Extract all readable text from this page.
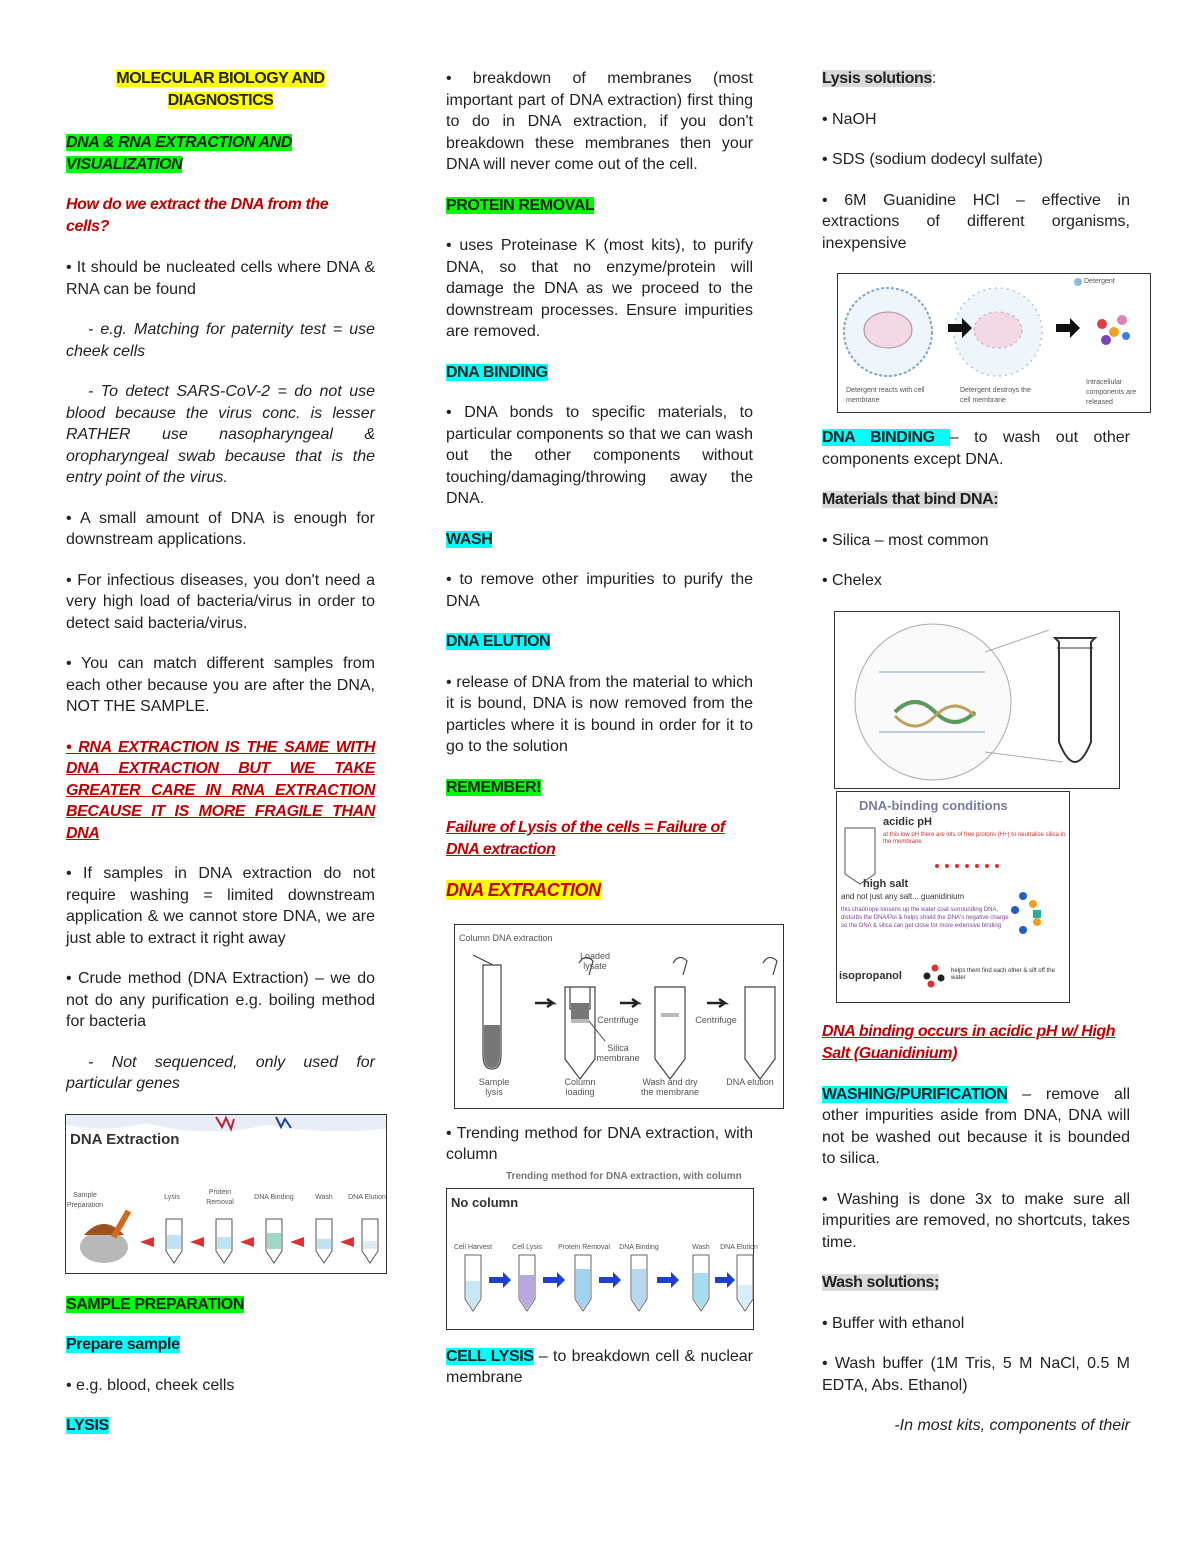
MOLECULAR BIOLOGY AND DIAGNOSTICS

DNA & RNA EXTRACTION AND VISUALIZATION

How do we extract the DNA from the cells?

• It should be nucleated cells where DNA & RNA can be found

- e.g. Matching for paternity test = use cheek cells

- To detect SARS-CoV-2 = do not use blood because the virus conc. is lesser RATHER use nasopharyngeal & oropharyngeal swab because that is the entry point of the virus.

• A small amount of DNA is enough for downstream applications.

• For infectious diseases, you don't need a very high load of bacteria/virus in order to detect said bacteria/virus.

• You can match different samples from each other because you are after the DNA, NOT THE SAMPLE.

• RNA EXTRACTION IS THE SAME WITH DNA EXTRACTION BUT WE TAKE GREATER CARE IN RNA EXTRACTION BECAUSE IT IS MORE FRAGILE THAN DNA

• If samples in DNA extraction do not require washing = limited downstream application & we cannot store DNA, we are just able to extract it right away

• Crude method (DNA Extraction) – we do not do any purification e.g. boiling method for bacteria

- Not sequenced, only used for particular genes

DNA Extraction
Sample Preparation
Lysis
Protein Removal
DNA Binding	Wash	DNA Elution

SAMPLE PREPARATION

Prepare sample

• e.g. blood, cheek cells

LYSIS

• breakdown of membranes (most important part of DNA extraction) first thing to do in DNA extraction, if you don't breakdown these membranes then your DNA will never come out of the cell.

PROTEIN REMOVAL

• uses Proteinase K (most kits), to purify DNA, so that no enzyme/protein will damage the DNA as we proceed to the downstream processes. Ensure impurities are removed.

DNA BINDING

• DNA bonds to specific materials, to particular components so that we can wash out the other components without touching/damaging/throwing away the DNA.

WASH

• to remove other impurities to purify the DNA

DNA ELUTION

• release of DNA from the material to which it is bound, DNA is now removed from the particles where it is bound in order for it to go to the solution

REMEMBER!

Failure of Lysis of the cells = Failure of DNA extraction

DNA EXTRACTION

Column DNA extraction
Loaded lysate
Centrifuge	Centrifuge
Silica membrane
Sample lysis
Column loading
Wash and dry the membrane
DNA elution

• Trending method for DNA extraction, with column

Trending method for DNA extraction, with column
No column
Cell Harvest	Cell Lysis	Protein Removal	DNA Binding	Wash	DNA Elution

CELL LYSIS – to breakdown cell & nuclear membrane

Lysis solutions:

• NaOH

• SDS (sodium dodecyl sulfate)

• 6M Guanidine HCl – effective in extractions of different organisms, inexpensive

Detergent
Detergent reacts with cell membrane
Detergent destroys the cell membrane
Intracellular components are released

DNA BINDING – to wash out other components except DNA.

Materials that bind DNA:

• Silica – most common

• Chelex

DNA-binding conditions
acidic pH
at this low pH there are lots of free protons (H+) to neutralise silica in the membrane
high salt
and not just any salt... guanidinium
this chaotrope loosens up the water coat surrounding DNA, disturbs the DNA/Pol & helps shield the DNA's negative charge so the DNA & silica can get close for more extensive binding
isopropanol	helps them find each other & sift off the water

DNA binding occurs in acidic pH w/ High Salt (Guanidinium)

WASHING/PURIFICATION – remove all other impurities aside from DNA, DNA will not be washed out because it is bounded to silica.

• Washing is done 3x to make sure all impurities are removed, no shortcuts, takes time.

Wash solutions;

• Buffer with ethanol

• Wash buffer (1M Tris, 5 M NaCl, 0.5 M EDTA, Abs. Ethanol)

-In most kits, components of their
